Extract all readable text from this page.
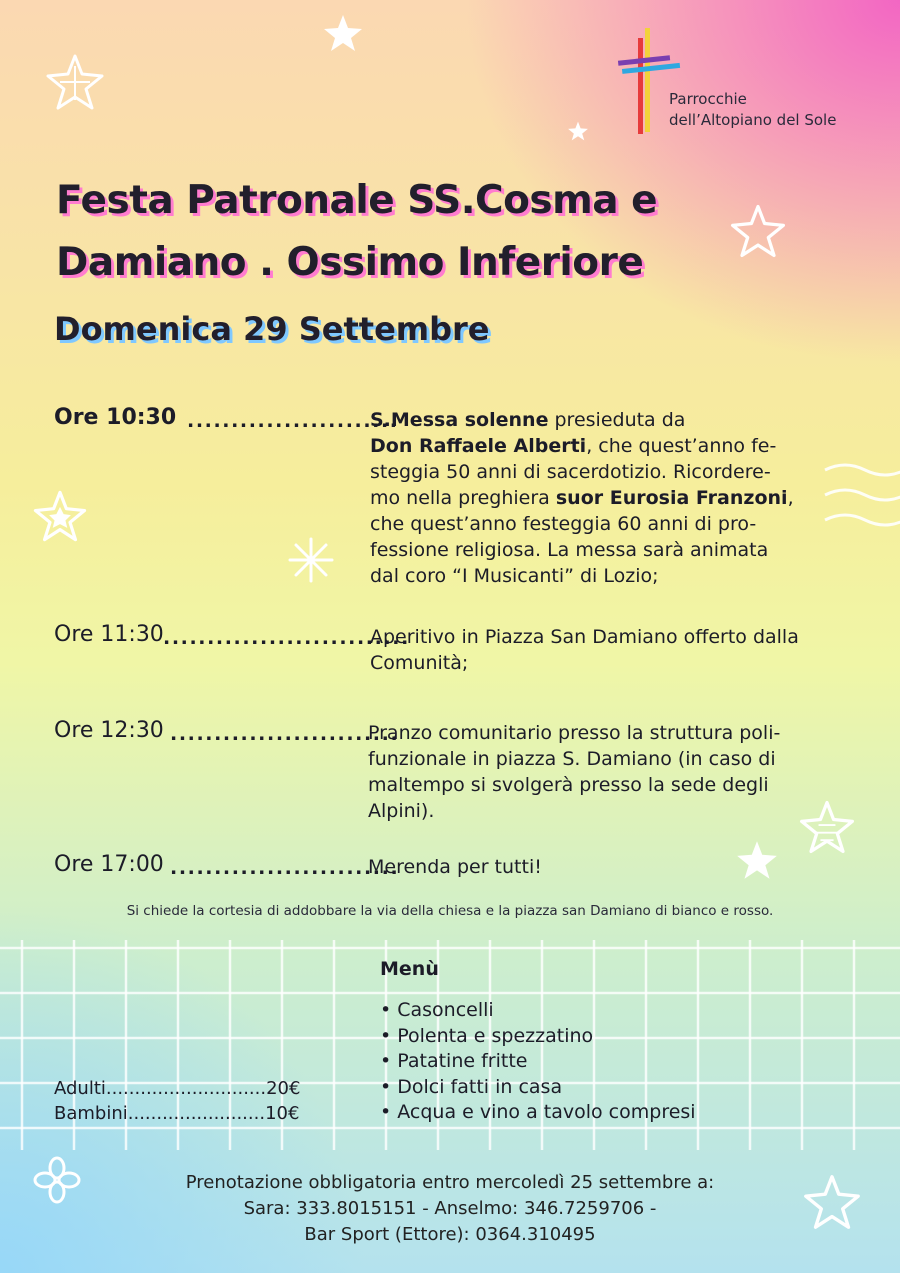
Parrocchie
dell’Altopiano del Sole
Festa Patronale SS.Cosma e
Damiano . Ossimo Inferiore
Domenica 29 Settembre
Ore 10:30 ........................
S.Messa solenne presieduta da
Don Raffaele Alberti, che quest’anno fe-
steggia 50 anni di sacerdotizio. Ricordere-
mo nella preghiera suor Eurosia Franzoni,
che quest’anno festeggia 60 anni di pro-
fessione religiosa. La messa sarà animata
dal coro “I Musicanti” di Lozio;
Ore 11:30 ............................
Aperitivo in Piazza San Damiano offerto dalla
Comunità;
Ore 12:30 ..........................
Pranzo comunitario presso la struttura poli-
funzionale in piazza S. Damiano (in caso di
maltempo si svolgerà presso la sede degli
Alpini).
Ore 17:00 ..........................
Merenda per tutti!
Si chiede la cortesia di addobbare la via della chiesa e la piazza san Damiano di bianco e rosso.
Menù
• Casoncelli
• Polenta e spezzatino
• Patatine fritte
• Dolci fatti in casa
• Acqua e vino a tavolo compresi
Adulti............................20€
Bambini........................10€
Prenotazione obbligatoria entro mercoledì 25 settembre a:
Sara: 333.8015151 - Anselmo: 346.7259706 -
Bar Sport (Ettore): 0364.310495
